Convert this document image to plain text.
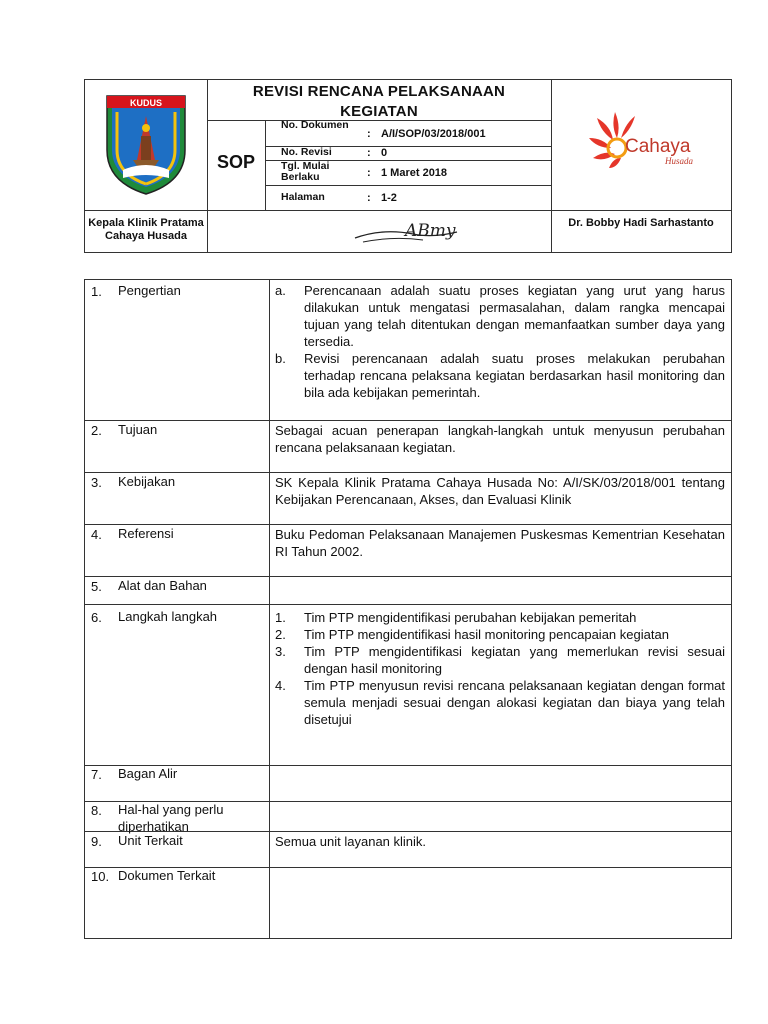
KUDUS
REVISI RENCANA PELAKSANAAN
KEGIATAN
SOP
No. Dokumen
: A/I/SOP/03/2018/001
No. Revisi	: 0
Tgl. Mulai Berlaku	: 1 Maret 2018
Halaman	: 1-2
Cahaya
Husada
Kepala Klinik Pratama Cahaya Husada	ABmy	Dr. Bobby Hadi Sarhastanto
1. Pengertian	a. Perencanaan adalah suatu proses kegiatan yang urut yang harus dilakukan untuk mengatasi permasalahan, dalam rangka mencapai tujuan yang telah ditentukan dengan memanfaatkan sumber daya yang tersedia.
b. Revisi perencanaan adalah suatu proses melakukan perubahan terhadap rencana pelaksana kegiatan berdasarkan hasil monitoring dan bila ada kebijakan pemerintah.
2. Tujuan	Sebagai acuan penerapan langkah-langkah untuk menyusun perubahan rencana pelaksanaan kegiatan.
3. Kebijakan	SK Kepala Klinik Pratama Cahaya Husada No: A/I/SK/03/2018/001 tentang Kebijakan Perencanaan, Akses, dan Evaluasi Klinik
4. Referensi	Buku Pedoman Pelaksanaan Manajemen Puskesmas Kementrian Kesehatan RI Tahun 2002.
5. Alat dan Bahan
6. Langkah langkah	1. Tim PTP mengidentifikasi perubahan kebijakan pemeritah
2. Tim PTP mengidentifikasi hasil monitoring pencapaian kegiatan
3. Tim PTP mengidentifikasi kegiatan yang memerlukan revisi sesuai dengan hasil monitoring
4. Tim PTP menyusun revisi rencana pelaksanaan kegiatan dengan format semula menjadi sesuai dengan alokasi kegiatan dan biaya yang telah disetujui
7. Bagan Alir
8. Hal-hal yang perlu diperhatikan
9. Unit Terkait	Semua unit layanan klinik.
10. Dokumen Terkait
